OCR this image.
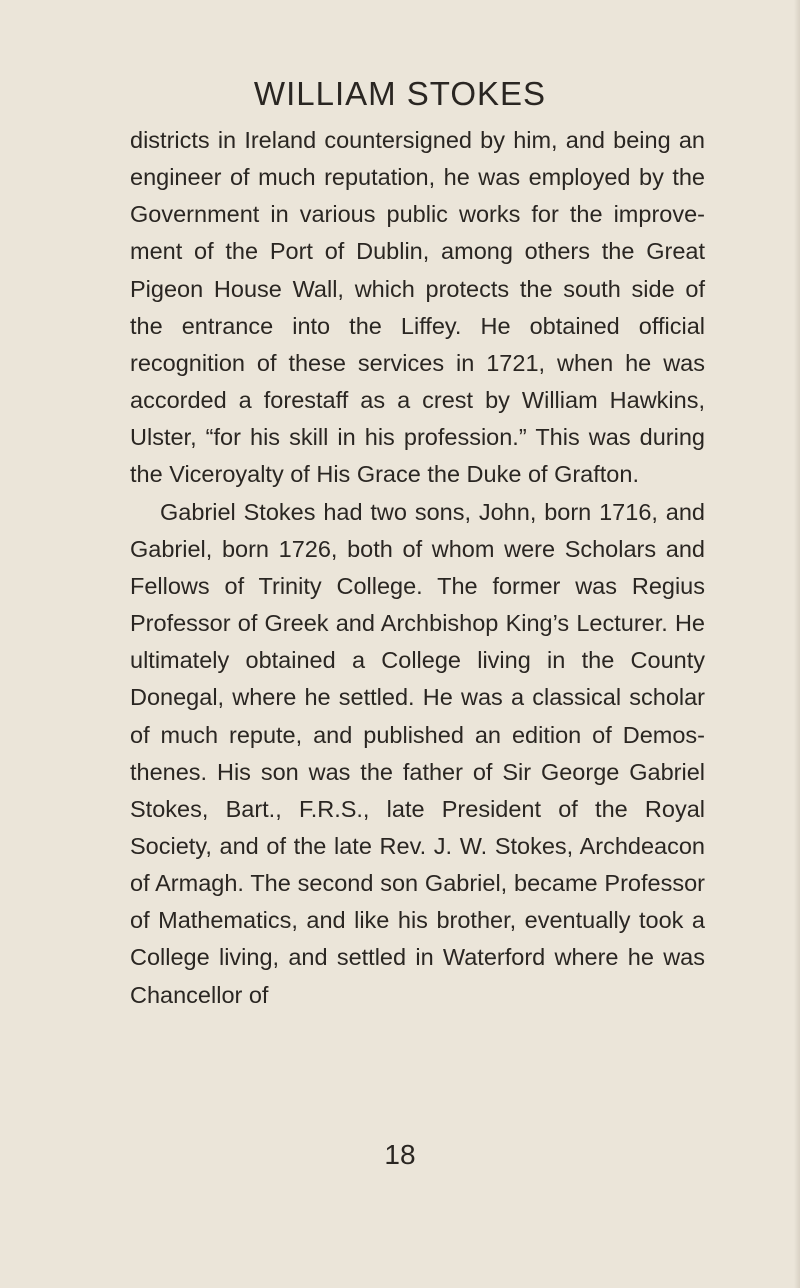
WILLIAM STOKES

districts in Ireland countersigned by him, and being an engineer of much reputation, he was employed by the Government in various public works for the improve-ment of the Port of Dublin, among others the Great Pigeon House Wall, which protects the south side of the entrance into the Liffey. He obtained official recognition of these services in 1721, when he was accorded a forestaff as a crest by William Hawkins, Ulster, “for his skill in his profession.” This was during the Viceroyalty of His Grace the Duke of Grafton.

Gabriel Stokes had two sons, John, born 1716, and Gabriel, born 1726, both of whom were Scholars and Fellows of Trinity College. The former was Regius Professor of Greek and Archbishop King’s Lecturer. He ultimately obtained a College living in the County Donegal, where he settled. He was a classical scholar of much repute, and published an edition of Demos-thenes. His son was the father of Sir George Gabriel Stokes, Bart., F.R.S., late President of the Royal Society, and of the late Rev. J. W. Stokes, Archdeacon of Armagh. The second son Gabriel, became Professor of Mathematics, and like his brother, eventually took a College living, and settled in Waterford where he was Chancellor of

18
